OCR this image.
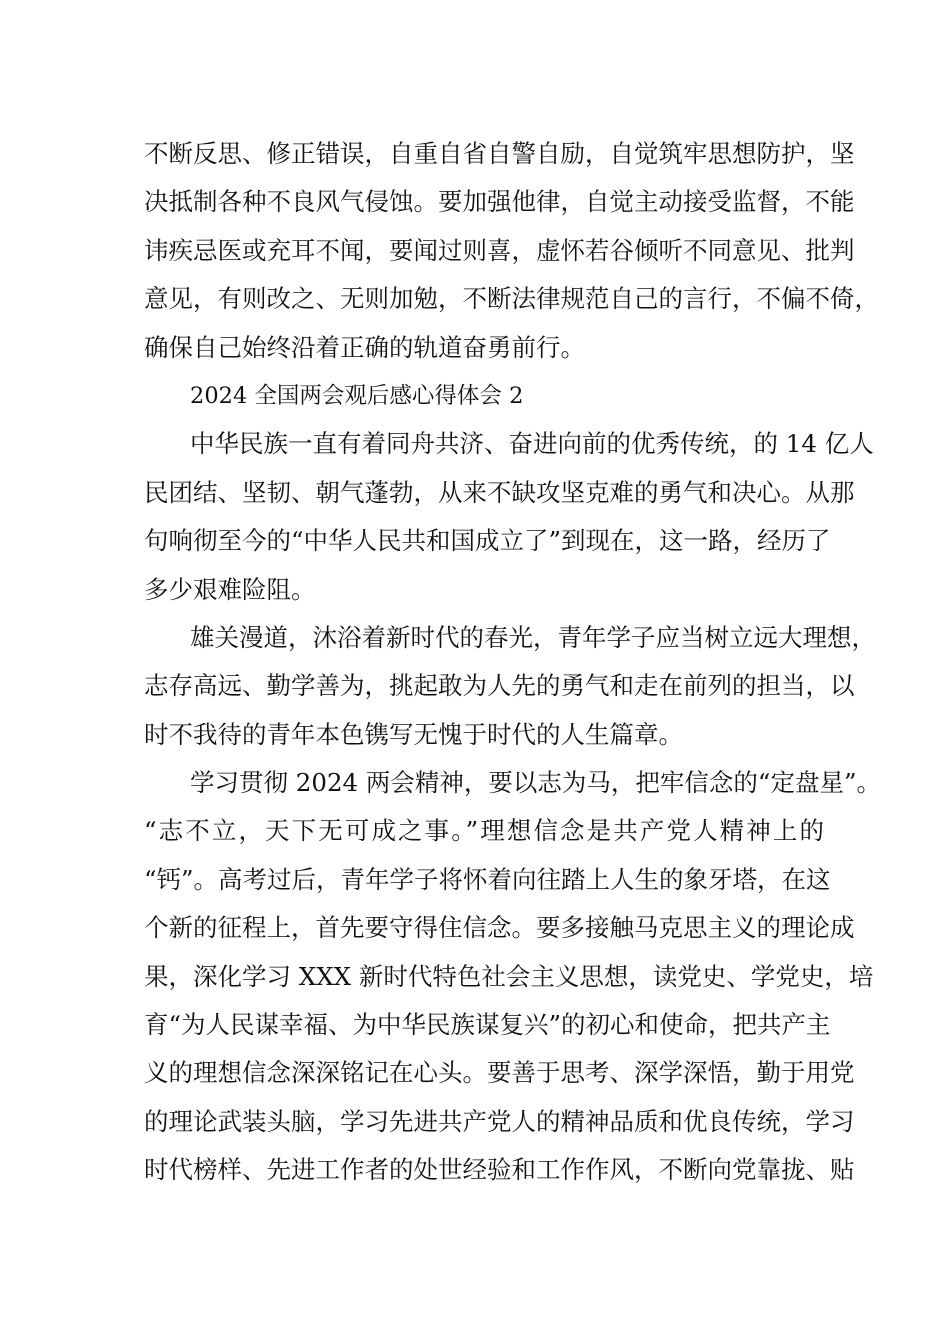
不断反思、修正错误，自重自省自警自励，自觉筑牢思想防护，坚
决抵制各种不良风气侵蚀。要加强他律，自觉主动接受监督，不能
讳疾忌医或充耳不闻，要闻过则喜，虚怀若谷倾听不同意见、批判
意见，有则改之、无则加勉，不断法律规范自己的言行，不偏不倚，
确保自己始终沿着正确的轨道奋勇前行。
2024 全国两会观后感心得体会 2
中华民族一直有着同舟共济、奋进向前的优秀传统，的 14 亿人
民团结、坚韧、朝气蓬勃，从来不缺攻坚克难的勇气和决心。从那
句响彻至今的“中华人民共和国成立了”到现在，这一路，经历了
多少艰难险阻。
雄关漫道，沐浴着新时代的春光，青年学子应当树立远大理想，
志存高远、勤学善为，挑起敢为人先的勇气和走在前列的担当，以
时不我待的青年本色镌写无愧于时代的人生篇章。
学习贯彻 2024 两会精神，要以志为马，把牢信念的“定盘星”。
“志不立，天下无可成之事。”理想信念是共产党人精神上的
“钙”。高考过后，青年学子将怀着向往踏上人生的象牙塔，在这
个新的征程上，首先要守得住信念。要多接触马克思主义的理论成
果，深化学习 XXX 新时代特色社会主义思想，读党史、学党史，培
育“为人民谋幸福、为中华民族谋复兴”的初心和使命，把共产主
义的理想信念深深铭记在心头。要善于思考、深学深悟，勤于用党
的理论武装头脑，学习先进共产党人的精神品质和优良传统，学习
时代榜样、先进工作者的处世经验和工作作风，不断向党靠拢、贴
